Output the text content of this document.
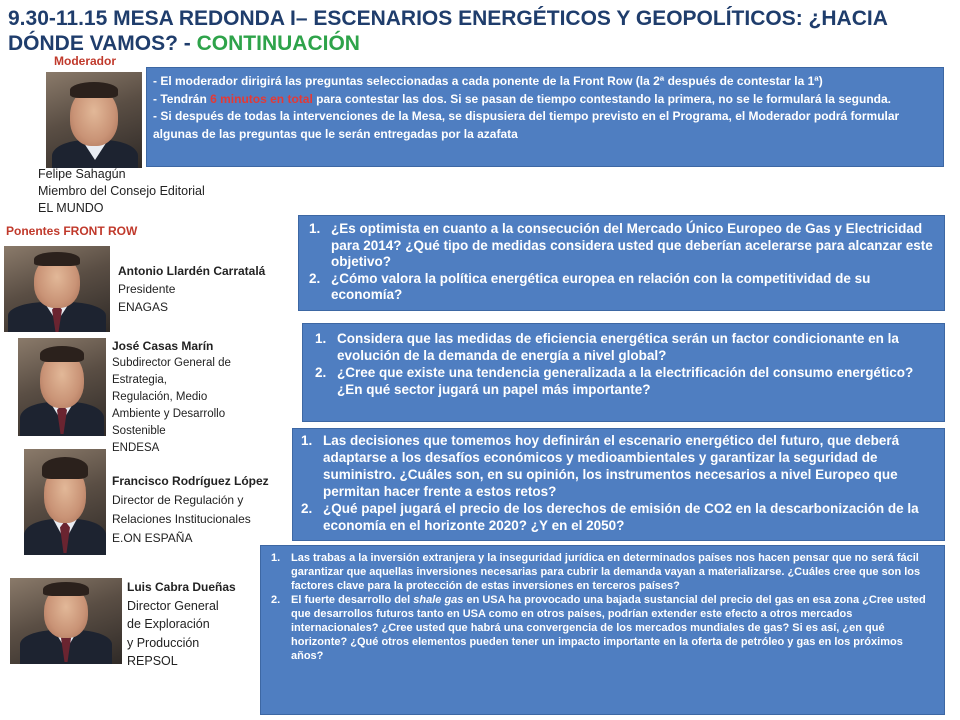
9.30-11.15 MESA REDONDA I– ESCENARIOS ENERGÉTICOS Y GEOPOLÍTICOS: ¿HACIA DÓNDE VAMOS? - CONTINUACIÓN
Moderador
Felipe Sahagún
Miembro del Consejo Editorial
EL MUNDO

- El moderador dirigirá las preguntas seleccionadas a cada ponente de la Front Row (la 2ª después de contestar la 1ª)

- Tendrán 6 minutos en total para contestar las dos. Si se pasan de tiempo contestando la primera, no se le formulará la segunda.

- Si después de todas la intervenciones de la Mesa, se dispusiera del tiempo previsto en el Programa, el Moderador podrá formular algunas de las preguntas que le serán entregadas por la azafata

Ponentes FRONT ROW
Antonio Llardén Carratalá
Presidente
ENAGAS
1. ¿Es optimista en cuanto a la consecución del Mercado Único Europeo de Gas y Electricidad para 2014? ¿Qué tipo de medidas considera usted que deberían acelerarse para alcanzar este objetivo?
2. ¿Cómo valora la política energética europea en relación con la competitividad de su economía?
José Casas Marín
Subdirector General de
Estrategia,
Regulación, Medio
Ambiente y Desarrollo
Sostenible
ENDESA
1. Considera que las medidas de eficiencia energética serán un factor condicionante en la evolución de la demanda de energía a nivel global?
2. ¿Cree que existe una tendencia generalizada a la electrificación del consumo energético? ¿En qué sector jugará un papel más importante?
Francisco Rodríguez López
Director de Regulación y
Relaciones Institucionales
E.ON ESPAÑA
1. Las decisiones que tomemos hoy definirán el escenario energético del futuro, que deberá adaptarse a los desafíos económicos y medioambientales y garantizar la seguridad de suministro. ¿Cuáles son, en su opinión, los instrumentos necesarios a nivel Europeo que permitan hacer frente a estos retos?
2. ¿Qué papel jugará el precio de los derechos de emisión de CO2 en la descarbonización de la economía en el horizonte 2020? ¿Y en el 2050?
Luis Cabra Dueñas
Director General
de Exploración
y Producción
REPSOL
1. Las trabas a la inversión extranjera y la inseguridad jurídica en determinados países nos hacen pensar que no será fácil garantizar que aquellas inversiones necesarias para cubrir la demanda vayan a materializarse. ¿Cuáles cree que son los factores clave para la protección de estas inversiones en terceros países?
2. El fuerte desarrollo del shale gas en USA ha provocado una bajada sustancial del precio del gas en esa zona ¿Cree usted que desarrollos futuros tanto en USA como en otros países, podrían extender este efecto a otros mercados internacionales? ¿Cree usted que habrá una convergencia de los mercados mundiales de gas? Si es así, ¿en qué horizonte? ¿Qué otros elementos pueden tener un impacto importante en la oferta de petróleo y gas en los próximos años?
